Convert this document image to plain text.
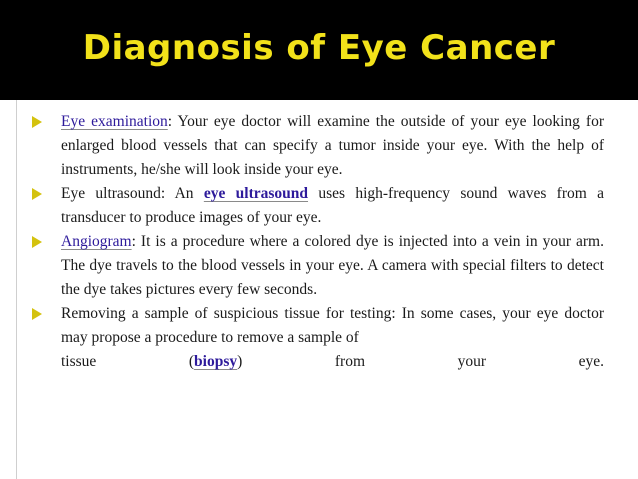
Diagnosis of Eye Cancer
Eye examination: Your eye doctor will examine the outside of your eye looking for enlarged blood vessels that can specify a tumor inside your eye. With the help of instruments, he/she will look inside your eye.
Eye ultrasound: An eye ultrasound uses high-frequency sound waves from a transducer to produce images of your eye.
Angiogram: It is a procedure where a colored dye is injected into a vein in your arm. The dye travels to the blood vessels in your eye. A camera with special filters to detect the dye takes pictures every few seconds.
Removing a sample of suspicious tissue for testing: In some cases, your eye doctor may propose a procedure to remove a sample of
tissue	(biopsy)	from	your	eye.
